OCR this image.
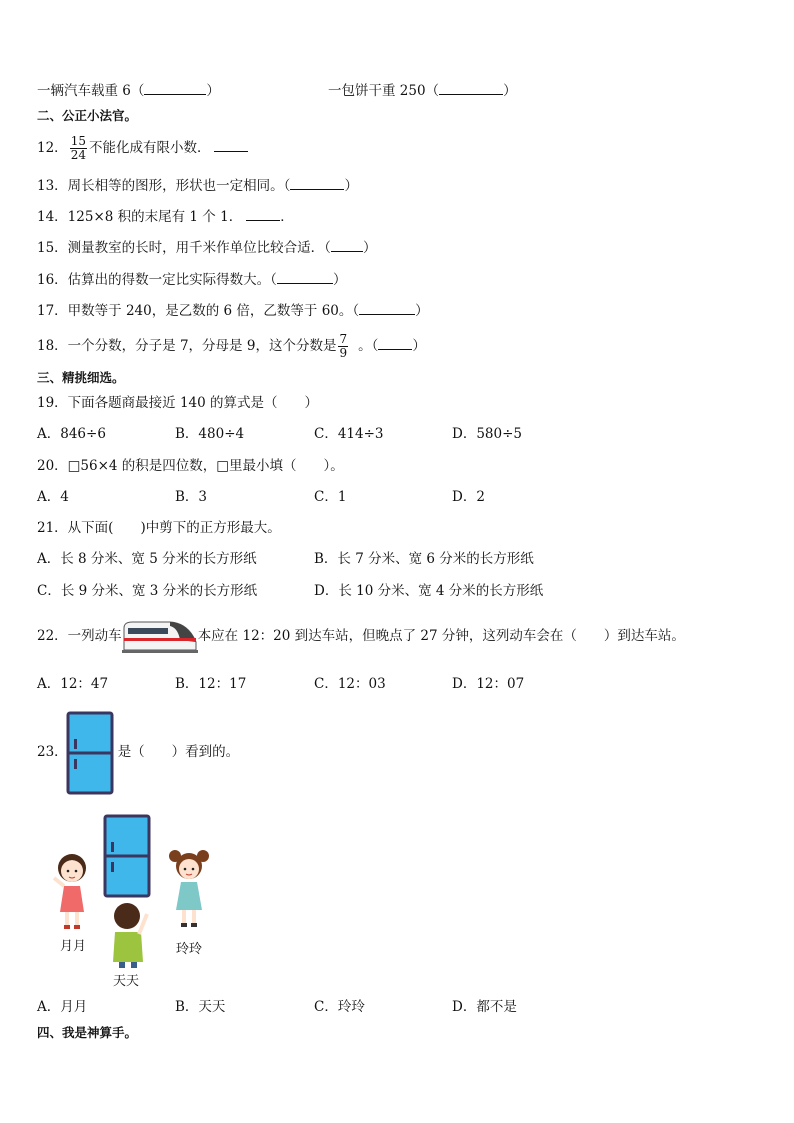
一辆汽车载重 6（	）	一包饼干重 250（	）
二、公正小法官。
12． $\frac{15}{24}$ 不能化成有限小数．
13．周长相等的图形，形状也一定相同。（	）
14．125×8 积的末尾有 1 个 1．	．
15．测量教室的长时，用千米作单位比较合适．（ ）
16．估算出的得数一定比实际得数大。（	）
17．甲数等于 240，是乙数的 6 倍，乙数等于 60。（	）
18．一个分数，分子是 7，分母是 9，这个分数是 $\frac{7}{9}$ 。（	）
三、精挑细选。
19．下面各题商最接近 140 的算式是（　　）
A．846÷6	B．480÷4	C．414÷3	D．580÷5
20．□56×4 的积是四位数，□里最小填（　　）。
A．4	B．3	C．1	D．2
21．从下面(　　)中剪下的正方形最大。
A．长 8 分米、宽 5 分米的长方形纸	B．长 7 分米、宽 6 分米的长方形纸
C．长 9 分米、宽 3 分米的长方形纸	D．长 10 分米、宽 4 分米的长方形纸
22．一列动车	本应在 12：20 到达车站，但晚点了 27 分钟，这列动车会在（　　）到达车站。
A．12：47	B．12：17	C．12：03	D．12：07
23．	是（　　）看到的。
月月	玲玲
天天
A．月月	B．天天	C．玲玲	D．都不是
四、我是神算手。
